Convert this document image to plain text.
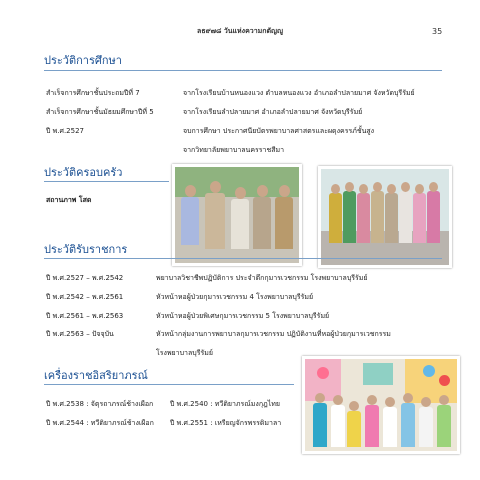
ลธ๙๗๘ วันแห่งความกตัญญู	35
ประวัติการศึกษา
สำเร็จการศึกษาชั้นประถมปีที่ 7	จากโรงเรียนบ้านหนองแวง ตำบลหนองแวง อำเภอลำปลายมาศ จังหวัดบุรีรัมย์
สำเร็จการศึกษาชั้นมัธยมศึกษาปีที่ 5	จากโรงเรียนลำปลายมาศ อำเภอลำปลายมาศ จังหวัดบุรีรัมย์
ปี พ.ศ.2527	จบการศึกษา ประกาศนียบัตรพยาบาลศาสตรและผดุงครรภ์ชั้นสูง
จากวิทยาลัยพยาบาลนครราชสีมา
ประวัติครอบครัว
สถานภาพ โสด
ประวัติรับราชการ
ปี พ.ศ.2527 – พ.ศ.2542	พยาบาลวิชาชีพปฏิบัติการ ประจำตึกกุมารเวชกรรม โรงพยาบาลบุรีรัมย์
ปี พ.ศ.2542 – พ.ศ.2561	หัวหน้าหอผู้ป่วยกุมารเวชกรรม 4 โรงพยาบาลบุรีรัมย์
ปี พ.ศ.2561 – พ.ศ.2563	หัวหน้าหอผู้ป่วยพิเศษกุมารเวชกรรม 5 โรงพยาบาลบุรีรัมย์
ปี พ.ศ.2563 – ปัจจุบัน	หัวหน้ากลุ่มงานการพยาบาลกุมารเวชกรรม ปฏิบัติงานที่หอผู้ป่วยกุมารเวชกรรม
โรงพยาบาลบุรีรัมย์
เครื่องราชอิสริยาภรณ์
ปี พ.ศ.2538 : จัตุรถาภรณ์ช้างเผือก ปี พ.ศ.2540 : ทวีติยาภรณ์มงกุฎไทย
ปี พ.ศ.2544 : ทวีติยาภรณ์ช้างเผือก ปี พ.ศ.2551 : เหรียญจักรพรรดิมาลา
